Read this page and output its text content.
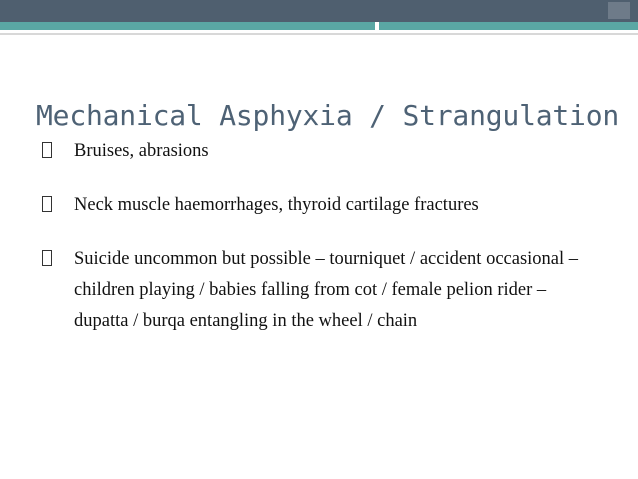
Mechanical Asphyxia / Strangulation
Bruises, abrasions
Neck muscle haemorrhages, thyroid cartilage fractures
Suicide uncommon but possible – tourniquet / accident occasional – children playing / babies falling from cot / female pelion rider – dupatta / burqa entangling in the wheel / chain
